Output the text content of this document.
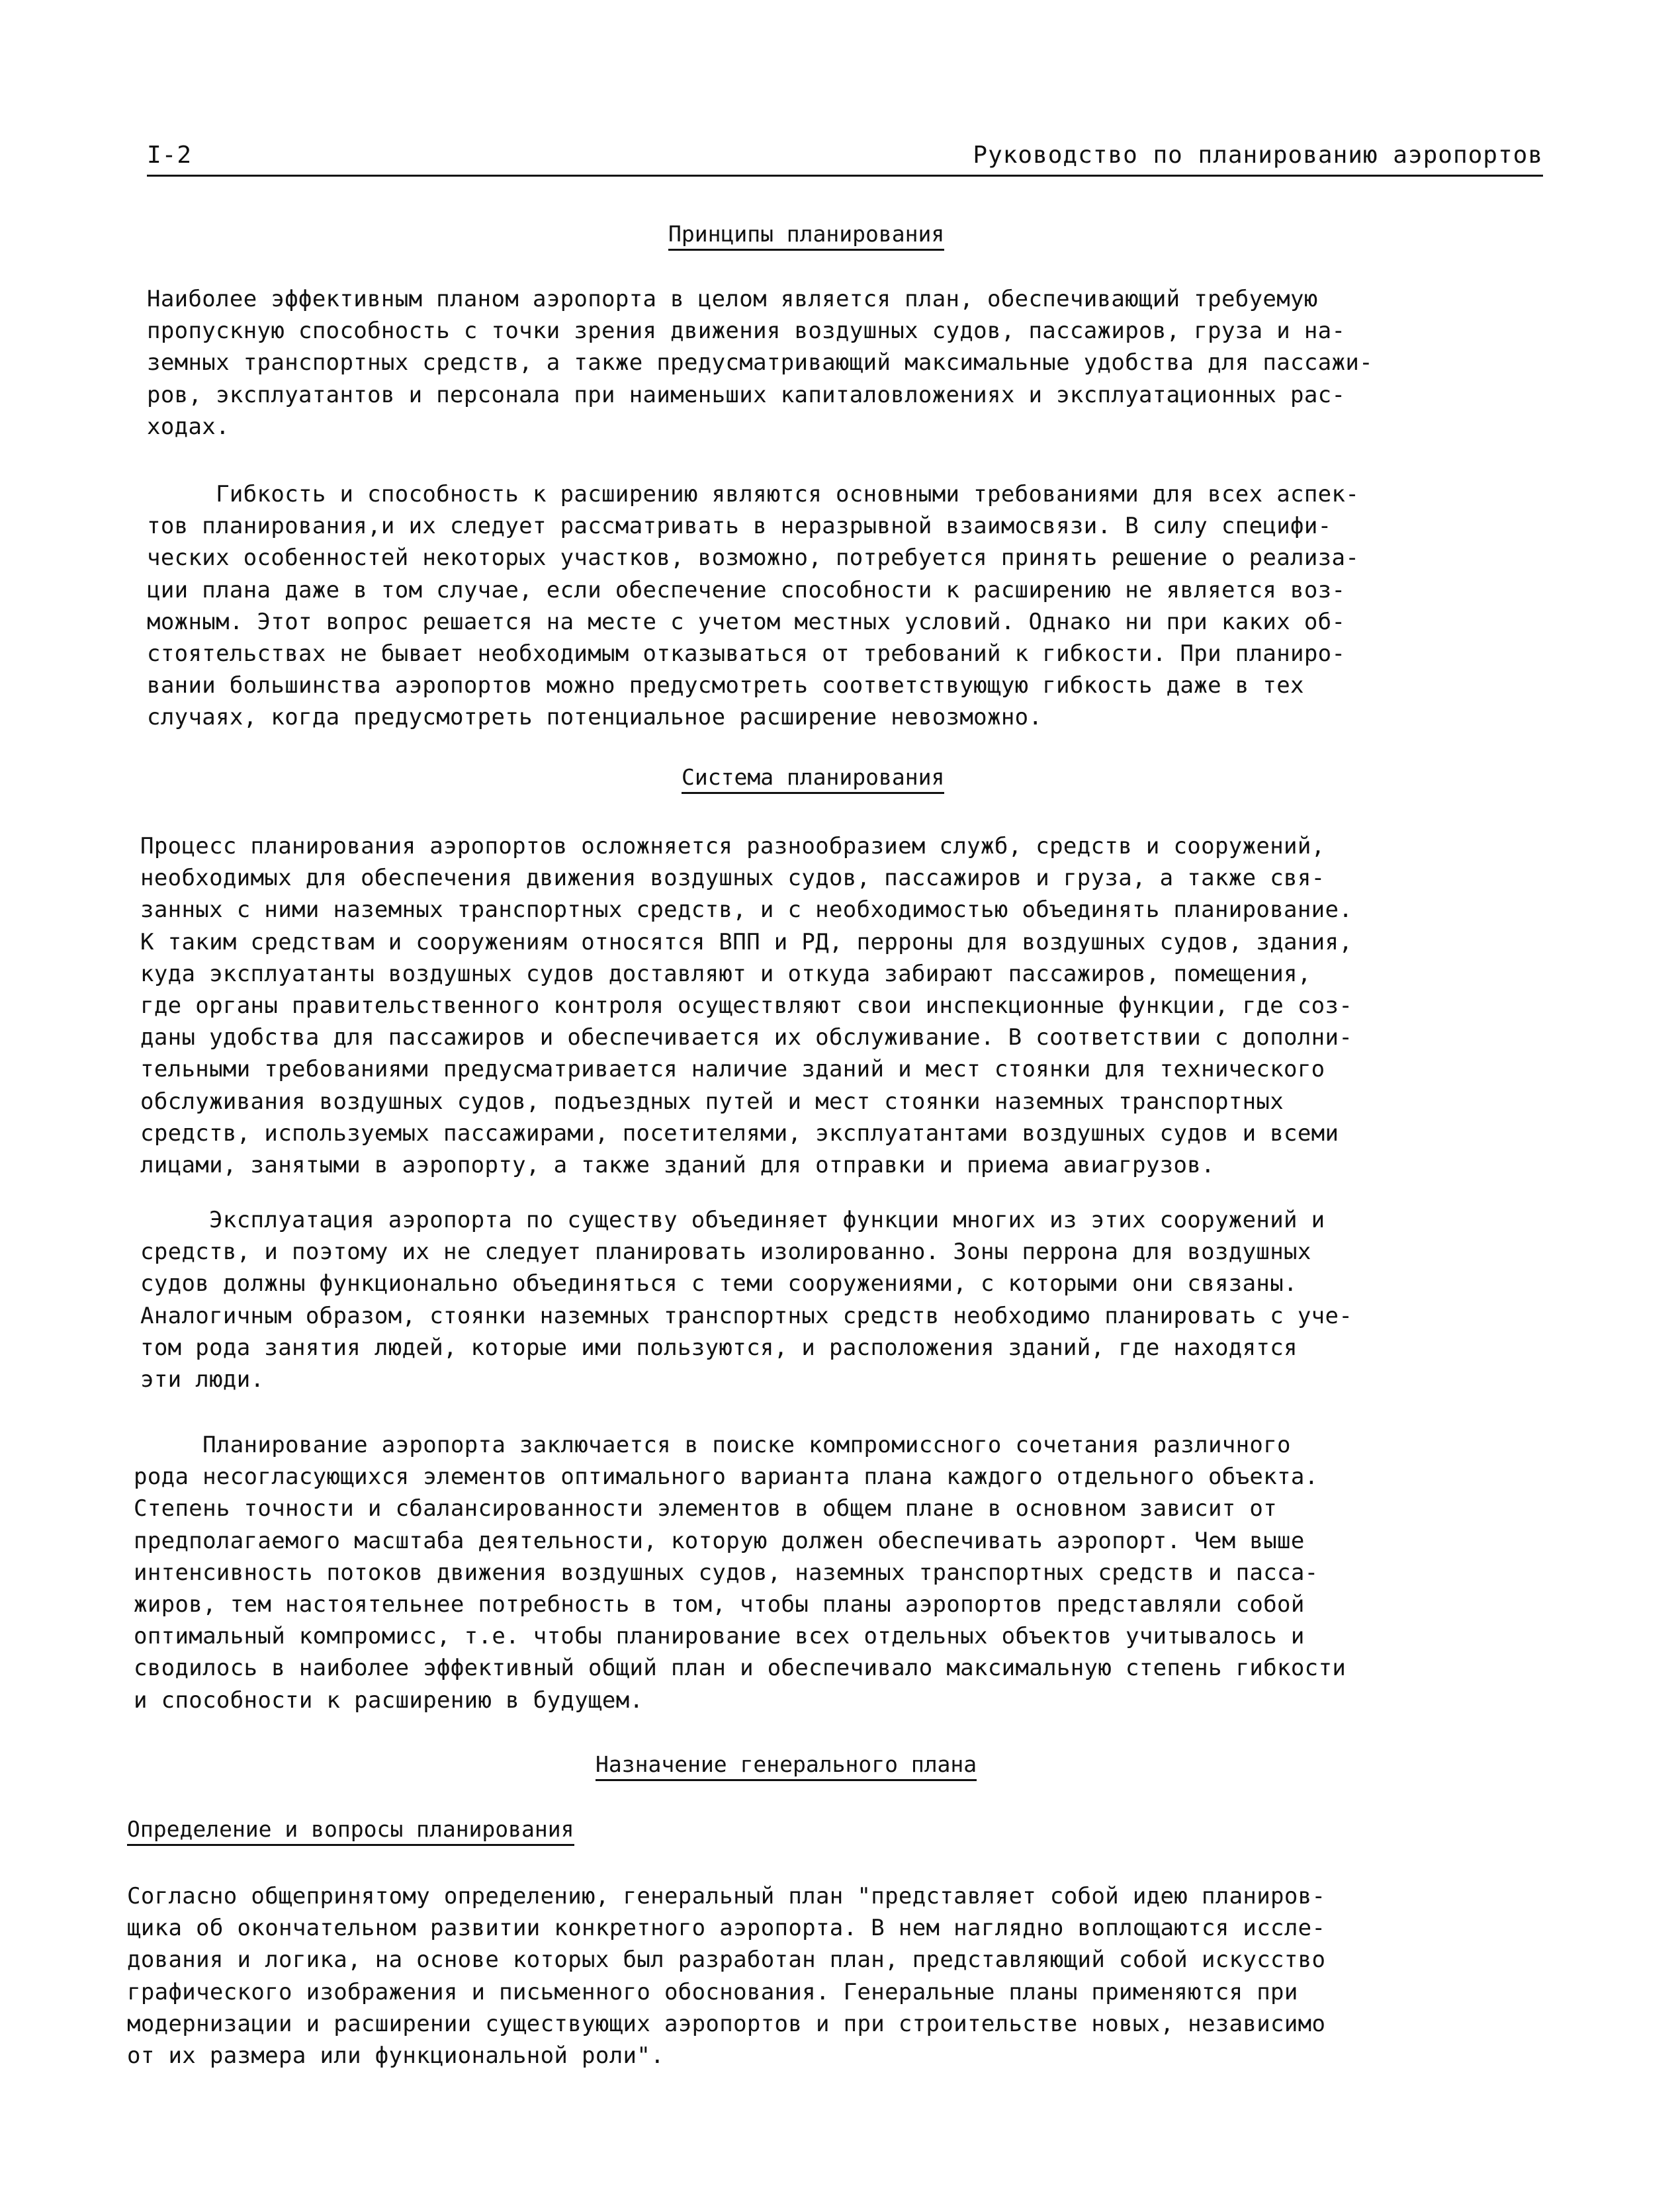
I-2	Руководство по планированию аэропортов
Принципы планирования
Наиболее эффективным планом аэропорта в целом является план, обеспечивающий требуемую
пропускную способность с точки зрения движения воздушных судов, пассажиров, груза и на-
земных транспортных средств, а также предусматривающий максимальные удобства для пассажи-
ров, эксплуатантов и персонала при наименьших капиталовложениях и эксплуатационных рас-
ходах.
Гибкость и способность к расширению являются основными требованиями для всех аспек-
тов планирования,и их следует рассматривать в неразрывной взаимосвязи. В силу специфи-
ческих особенностей некоторых участков, возможно, потребуется принять решение о реализа-
ции плана даже в том случае, если обеспечение способности к расширению не является воз-
можным. Этот вопрос решается на месте с учетом местных условий. Однако ни при каких об-
стоятельствах не бывает необходимым отказываться от требований к гибкости. При планиро-
вании большинства аэропортов можно предусмотреть соответствующую гибкость даже в тех
случаях, когда предусмотреть потенциальное расширение невозможно.
Система планирования
Процесс планирования аэропортов осложняется разнообразием служб, средств и сооружений,
необходимых для обеспечения движения воздушных судов, пассажиров и груза, а также свя-
занных с ними наземных транспортных средств, и с необходимостью объединять планирование.
К таким средствам и сооружениям относятся ВПП и РД, перроны для воздушных судов, здания,
куда эксплуатанты воздушных судов доставляют и откуда забирают пассажиров, помещения,
где органы правительственного контроля осуществляют свои инспекционные функции, где соз-
даны удобства для пассажиров и обеспечивается их обслуживание. В соответствии с дополни-
тельными требованиями предусматривается наличие зданий и мест стоянки для технического
обслуживания воздушных судов, подъездных путей и мест стоянки наземных транспортных
средств, используемых пассажирами, посетителями, эксплуатантами воздушных судов и всеми
лицами, занятыми в аэропорту, а также зданий для отправки и приема авиагрузов.
Эксплуатация аэропорта по существу объединяет функции многих из этих сооружений и
средств, и поэтому их не следует планировать изолированно. Зоны перрона для воздушных
судов должны функционально объединяться с теми сооружениями, с которыми они связаны.
Аналогичным образом, стоянки наземных транспортных средств необходимо планировать с уче-
том рода занятия людей, которые ими пользуются, и расположения зданий, где находятся
эти люди.
Планирование аэропорта заключается в поиске компромиссного сочетания различного
рода несогласующихся элементов оптимального варианта плана каждого отдельного объекта.
Степень точности и сбалансированности элементов в общем плане в основном зависит от
предполагаемого масштаба деятельности, которую должен обеспечивать аэропорт. Чем выше
интенсивность потоков движения воздушных судов, наземных транспортных средств и пасса-
жиров, тем настоятельнее потребность в том, чтобы планы аэропортов представляли собой
оптимальный компромисс, т.е. чтобы планирование всех отдельных объектов учитывалось и
сводилось в наиболее эффективный общий план и обеспечивало максимальную степень гибкости
и способности к расширению в будущем.
Назначение генерального плана
Определение и вопросы планирования
Согласно общепринятому определению, генеральный план "представляет собой идею планиров-
щика об окончательном развитии конкретного аэропорта. В нем наглядно воплощаются иссле-
дования и логика, на основе которых был разработан план, представляющий собой искусство
графического изображения и письменного обоснования. Генеральные планы применяются при
модернизации и расширении существующих аэропортов и при строительстве новых, независимо
от их размера или функциональной роли".
